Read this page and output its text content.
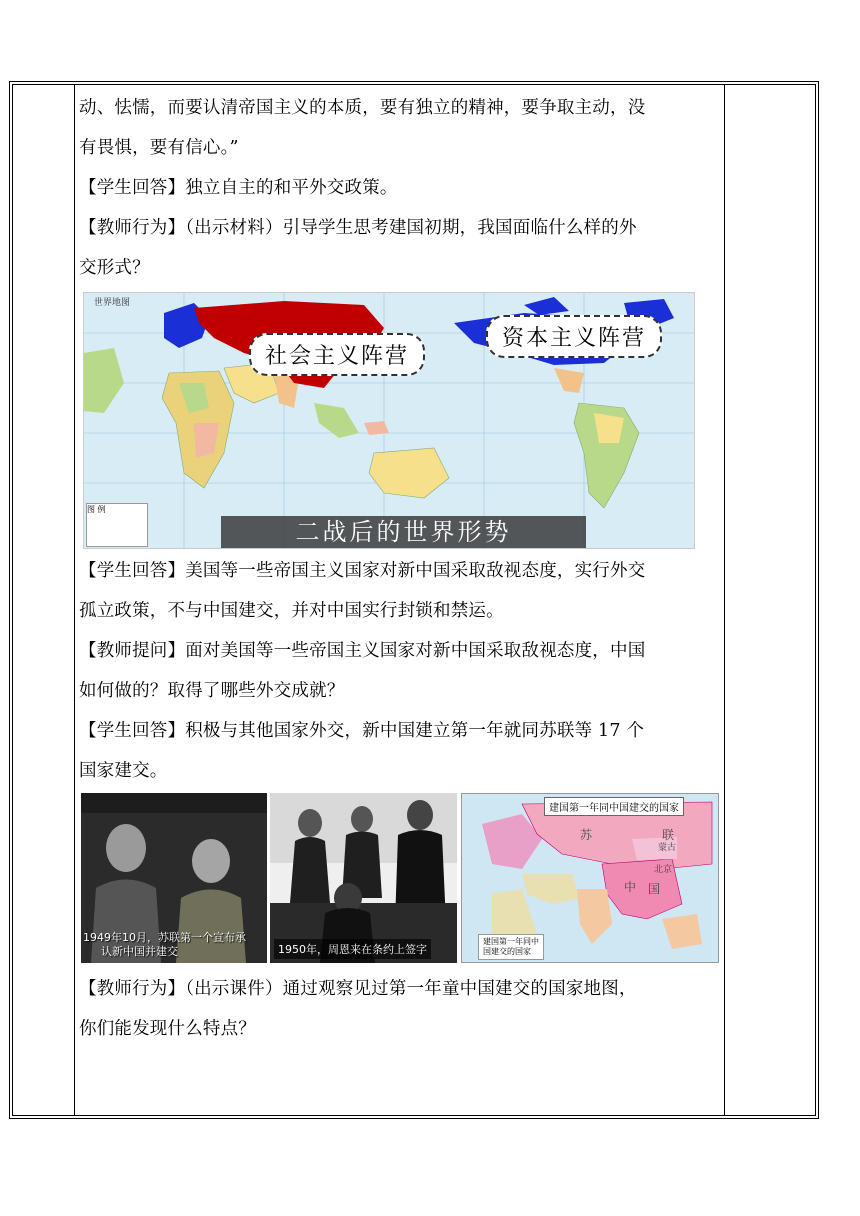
动、怯懦，而要认清帝国主义的本质，要有独立的精神，要争取主动，没

有畏惧，要有信心。”

【学生回答】独立自主的和平外交政策。

【教师行为】（出示材料）引导学生思考建国初期，我国面临什么样的外

交形式？

世界地图
社会主义阵营
资本主义阵营
图 例
二战后的世界形势

【学生回答】美国等一些帝国主义国家对新中国采取敌视态度，实行外交

孤立政策，不与中国建交，并对中国实行封锁和禁运。

【教师提问】面对美国等一些帝国主义国家对新中国采取敌视态度，中国

如何做的？取得了哪些外交成就？

【学生回答】积极与其他国家外交，新中国建立第一年就同苏联等 17 个

国家建交。

1949年10月，苏联第一个宣布承
认新中国并建交	1950年，周恩来在条约上签字
建国第一年同中国建交的国家
苏	联
蒙古
北京
中 国
建国第一年同中
国建交的国家

【教师行为】（出示课件）通过观察见过第一年童中国建交的国家地图，

你们能发现什么特点？
